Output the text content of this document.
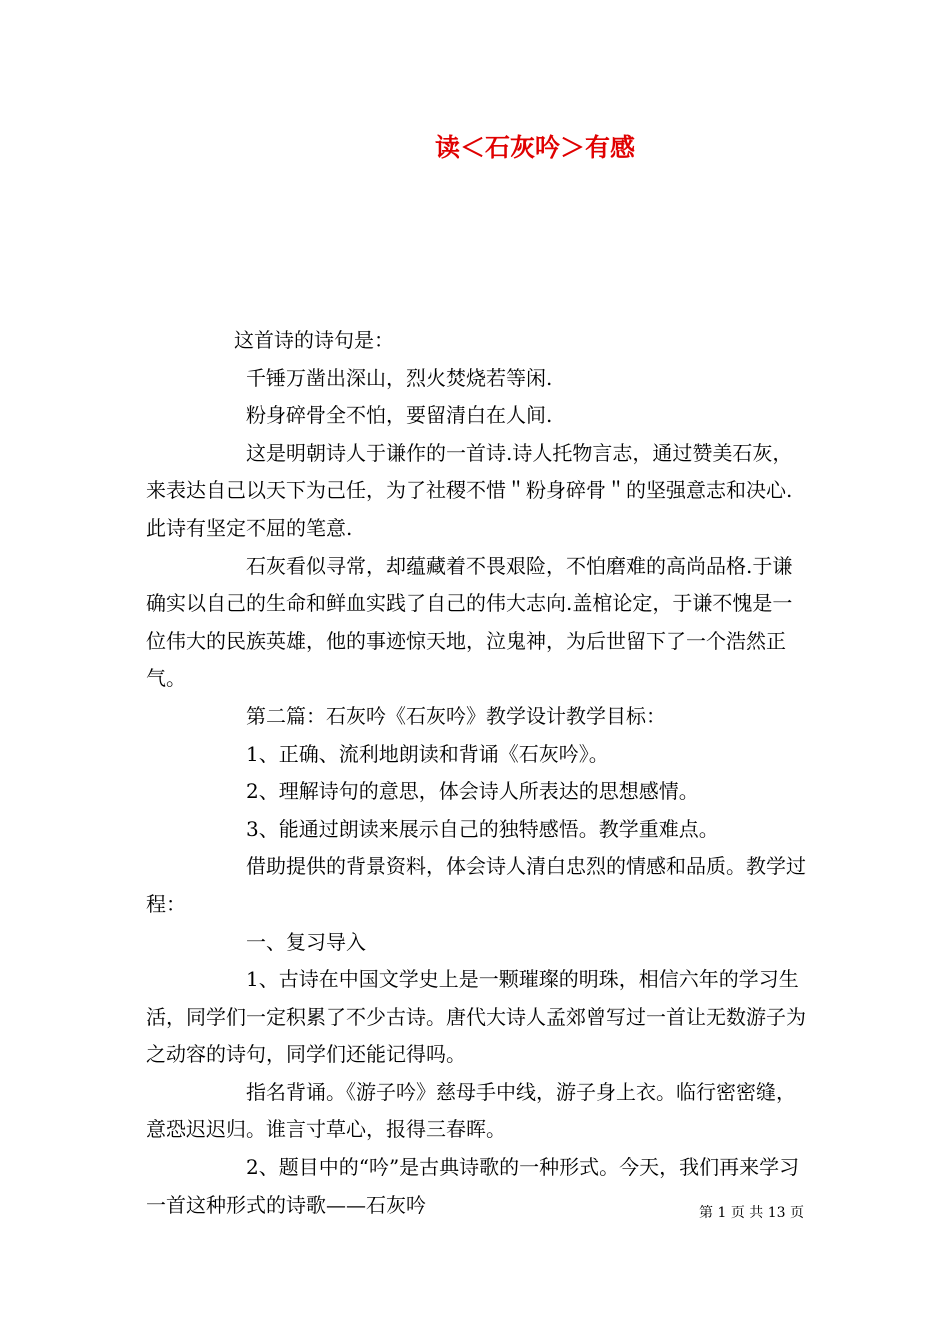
读＜石灰吟＞有感

这首诗的诗句是：

千锤万凿出深山，烈火焚烧若等闲.

粉身碎骨全不怕，要留清白在人间.

这是明朝诗人于谦作的一首诗.诗人托物言志，通过赞美石灰，来表达自己以天下为己任，为了社稷不惜＂粉身碎骨＂的坚强意志和决心.此诗有坚定不屈的笔意.

石灰看似寻常，却蕴藏着不畏艰险，不怕磨难的高尚品格.于谦确实以自己的生命和鲜血实践了自己的伟大志向.盖棺论定，于谦不愧是一位伟大的民族英雄，他的事迹惊天地，泣鬼神，为后世留下了一个浩然正气。

第二篇：石灰吟《石灰吟》教学设计教学目标：

1、正确、流利地朗读和背诵《石灰吟》。

2、理解诗句的意思，体会诗人所表达的思想感情。

3、能通过朗读来展示自己的独特感悟。教学重难点。

借助提供的背景资料，体会诗人清白忠烈的情感和品质。教学过程：

一、复习导入

1、古诗在中国文学史上是一颗璀璨的明珠，相信六年的学习生活，同学们一定积累了不少古诗。唐代大诗人孟郊曾写过一首让无数游子为之动容的诗句，同学们还能记得吗。

指名背诵。《游子吟》慈母手中线，游子身上衣。临行密密缝，意恐迟迟归。谁言寸草心，报得三春晖。

2、题目中的“吟”是古典诗歌的一种形式。今天，我们再来学习一首这种形式的诗歌——石灰吟	第 1 页 共 13 页
